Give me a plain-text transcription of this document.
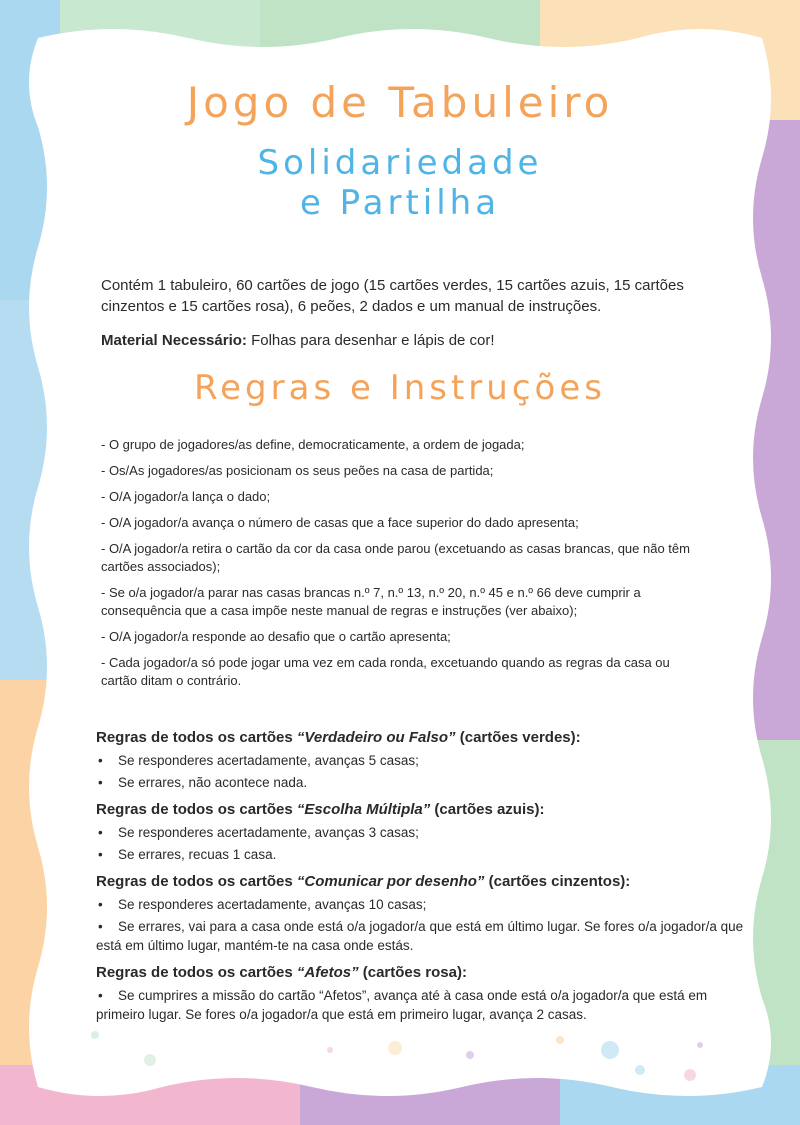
Jogo de Tabuleiro
Solidariedade
e Partilha

Contém 1 tabuleiro, 60 cartões de jogo (15 cartões verdes, 15 cartões azuis, 15 cartões cinzentos e 15 cartões rosa), 6 peões, 2 dados e um manual de instruções.

Material Necessário: Folhas para desenhar e lápis de cor!

Regras e Instruções
- O grupo de jogadores/as define, democraticamente, a ordem de jogada;
- Os/As jogadores/as posicionam os seus peões na casa de partida;
- O/A jogador/a lança o dado;
- O/A jogador/a avança o número de casas que a face superior do dado apresenta;
- O/A jogador/a retira o cartão da cor da casa onde parou (excetuando as casas brancas, que não têm cartões associados);
- Se o/a jogador/a parar nas casas brancas n.º 7, n.º 13, n.º 20, n.º 45 e n.º 66 deve cumprir a consequência que a casa impõe neste manual de regras e instruções (ver abaixo);
- O/A jogador/a responde ao desafio que o cartão apresenta;
- Cada jogador/a só pode jogar uma vez em cada ronda, excetuando quando as regras da casa ou cartão ditam o contrário.
Regras de todos os cartões “Verdadeiro ou Falso” (cartões verdes):
• Se responderes acertadamente, avanças 5 casas;
• Se errares, não acontece nada.
Regras de todos os cartões “Escolha Múltipla” (cartões azuis):
• Se responderes acertadamente, avanças 3 casas;
• Se errares, recuas 1 casa.
Regras de todos os cartões “Comunicar por desenho” (cartões cinzentos):
• Se responderes acertadamente, avanças 10 casas;
• Se errares, vai para a casa onde está o/a jogador/a que está em último lugar. Se fores o/a jogador/a que está em último lugar, mantém-te na casa onde estás.
Regras de todos os cartões “Afetos” (cartões rosa):
• Se cumprires a missão do cartão “Afetos”, avança até à casa onde está o/a jogador/a que está em primeiro lugar. Se fores o/a jogador/a que está em primeiro lugar, avança 2 casas.
